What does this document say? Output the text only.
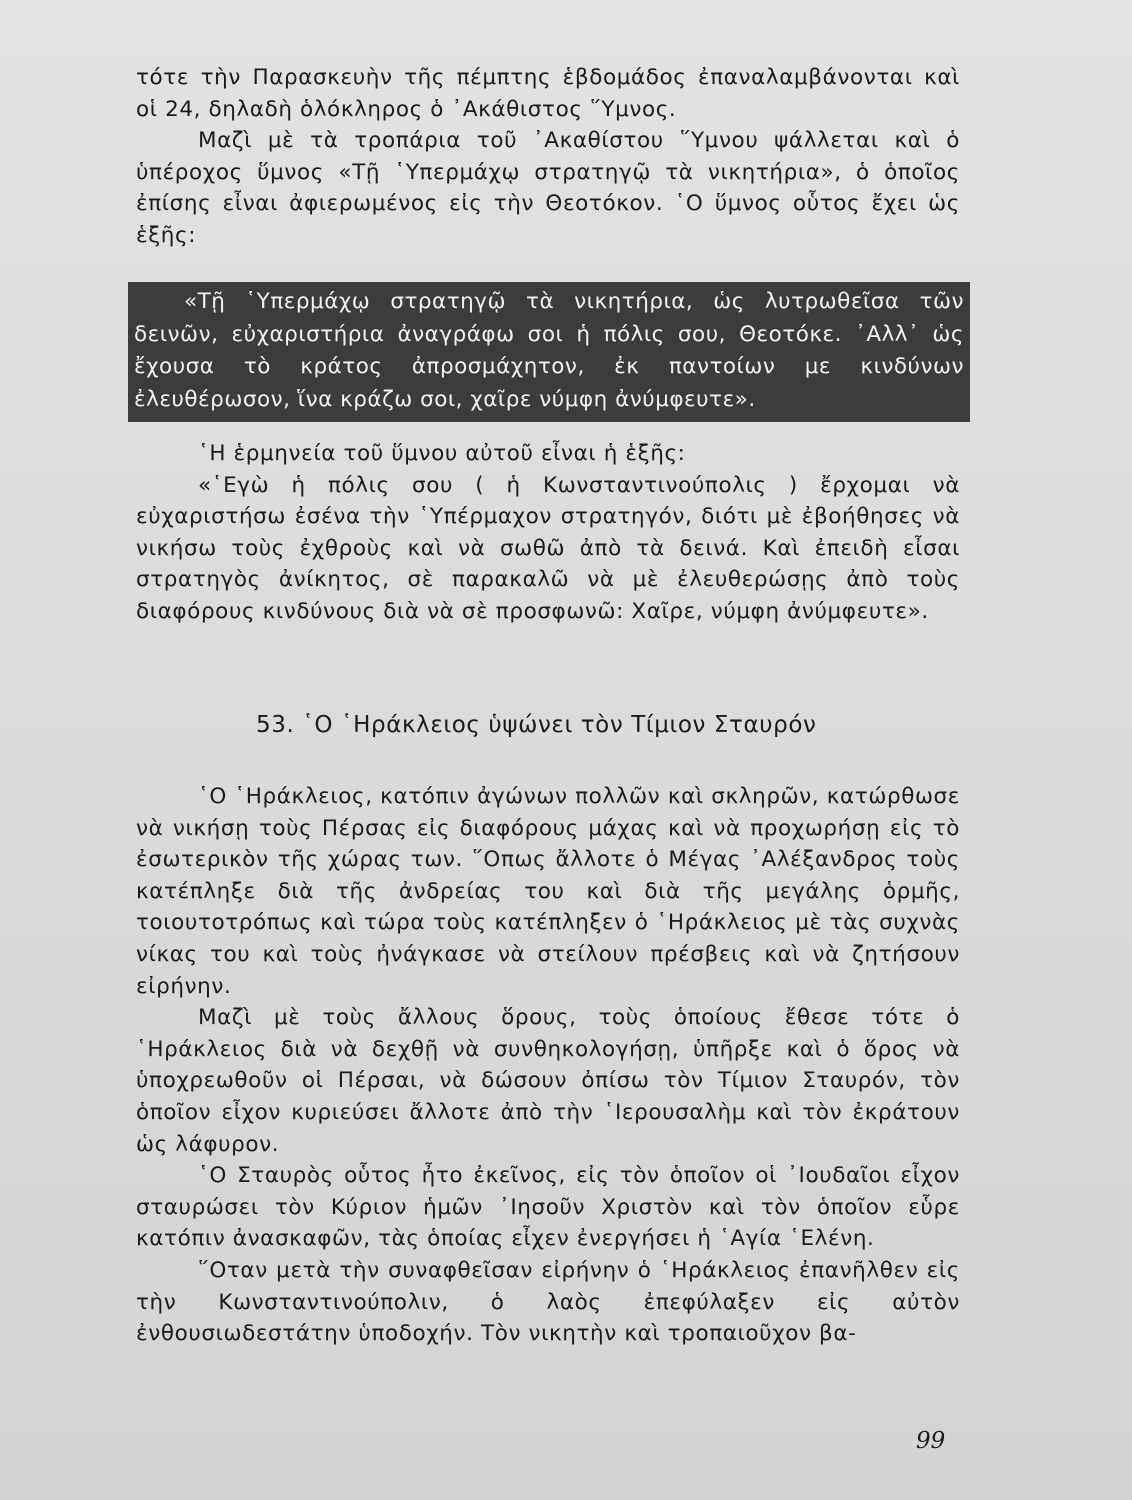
τότε τὴν Παρασκευὴν τῆς πέμπτης ἑβδομάδος ἐπαναλαμβάνονται καὶ οἱ 24, δηλαδὴ ὁλόκληρος ὁ ᾿Ακάθιστος ῞Υμνος.

Μαζὶ μὲ τὰ τροπάρια τοῦ ᾿Ακαθίστου ῞Υμνου ψάλλεται καὶ ὁ ὑπέροχος ὕμνος «Τῇ ῾Υπερμάχῳ στρατηγῷ τὰ νικητήρια», ὁ ὁποῖος ἐπίσης εἶναι ἀφιερωμένος εἰς τὴν Θεοτόκον. ῾Ο ὕμνος οὗτος ἔχει ὡς ἑξῆς:

«Τῇ ῾Υπερμάχῳ στρατηγῷ τὰ νικητήρια, ὡς λυτρωθεῖσα τῶν δεινῶν, εὐχαριστήρια ἀναγράφω σοι ἡ πόλις σου, Θεοτόκε. ᾿Αλλ᾿ ὡς ἔχουσα τὸ κράτος ἀπροσμάχητον, ἐκ παντοίων με κινδύνων ἐλευθέρωσον, ἵνα κράζω σοι, χαῖρε νύμφη ἀνύμφευτε».

῾Η ἑρμηνεία τοῦ ὕμνου αὐτοῦ εἶναι ἡ ἑξῆς:

«῾Εγὼ ἡ πόλις σου ( ἡ Κωνσταντινούπολις ) ἔρχομαι νὰ εὐχαριστήσω ἐσένα τὴν ῾Υπέρμαχον στρατηγόν, διότι μὲ ἐβοήθησες νὰ νικήσω τοὺς ἐχθροὺς καὶ νὰ σωθῶ ἀπὸ τὰ δεινά. Καὶ ἐπειδὴ εἶσαι στρατηγὸς ἀνίκητος, σὲ παρακαλῶ νὰ μὲ ἐλευθερώσῃς ἀπὸ τοὺς διαφόρους κινδύνους διὰ νὰ σὲ προσφωνῶ: Χαῖρε, νύμφη ἀνύμφευτε».

53. ῾Ο ῾Ηράκλειος ὑψώνει τὸν Τίμιον Σταυρόν

῾Ο ῾Ηράκλειος, κατόπιν ἀγώνων πολλῶν καὶ σκληρῶν, κατώρθωσε νὰ νικήσῃ τοὺς Πέρσας εἰς διαφόρους μάχας καὶ νὰ προχωρήσῃ εἰς τὸ ἐσωτερικὸν τῆς χώρας των. ῞Οπως ἄλλοτε ὁ Μέγας ᾿Αλέξανδρος τοὺς κατέπληξε διὰ τῆς ἀνδρείας του καὶ διὰ τῆς μεγάλης ὁρμῆς, τοιουτοτρόπως καὶ τώρα τοὺς κατέπληξεν ὁ ῾Ηράκλειος μὲ τὰς συχνὰς νίκας του καὶ τοὺς ἠνάγκασε νὰ στείλουν πρέσβεις καὶ νὰ ζητήσουν εἰρήνην.

Μαζὶ μὲ τοὺς ἄλλους ὅρους, τοὺς ὁποίους ἔθεσε τότε ὁ ῾Ηράκλειος διὰ νὰ δεχθῇ νὰ συνθηκολογήσῃ, ὑπῆρξε καὶ ὁ ὅρος νὰ ὑποχρεωθοῦν οἱ Πέρσαι, νὰ δώσουν ὀπίσω τὸν Τίμιον Σταυρόν, τὸν ὁποῖον εἶχον κυριεύσει ἄλλοτε ἀπὸ τὴν ῾Ιερουσαλὴμ καὶ τὸν ἐκράτουν ὡς λάφυρον.

῾Ο Σταυρὸς οὗτος ἦτο ἐκεῖνος, εἰς τὸν ὁποῖον οἱ ᾿Ιουδαῖοι εἶχον σταυρώσει τὸν Κύριον ἡμῶν ᾿Ιησοῦν Χριστὸν καὶ τὸν ὁποῖον εὗρε κατόπιν ἀνασκαφῶν, τὰς ὁποίας εἶχεν ἐνεργήσει ἡ ῾Αγία ῾Ελένη.

῞Οταν μετὰ τὴν συναφθεῖσαν εἰρήνην ὁ ῾Ηράκλειος ἐπανῆλθεν εἰς τὴν Κωνσταντινούπολιν, ὁ λαὸς ἐπεφύλαξεν εἰς αὐτὸν ἐνθουσιωδεστάτην ὑποδοχήν. Τὸν νικητὴν καὶ τροπαιοῦχον βα-

99
